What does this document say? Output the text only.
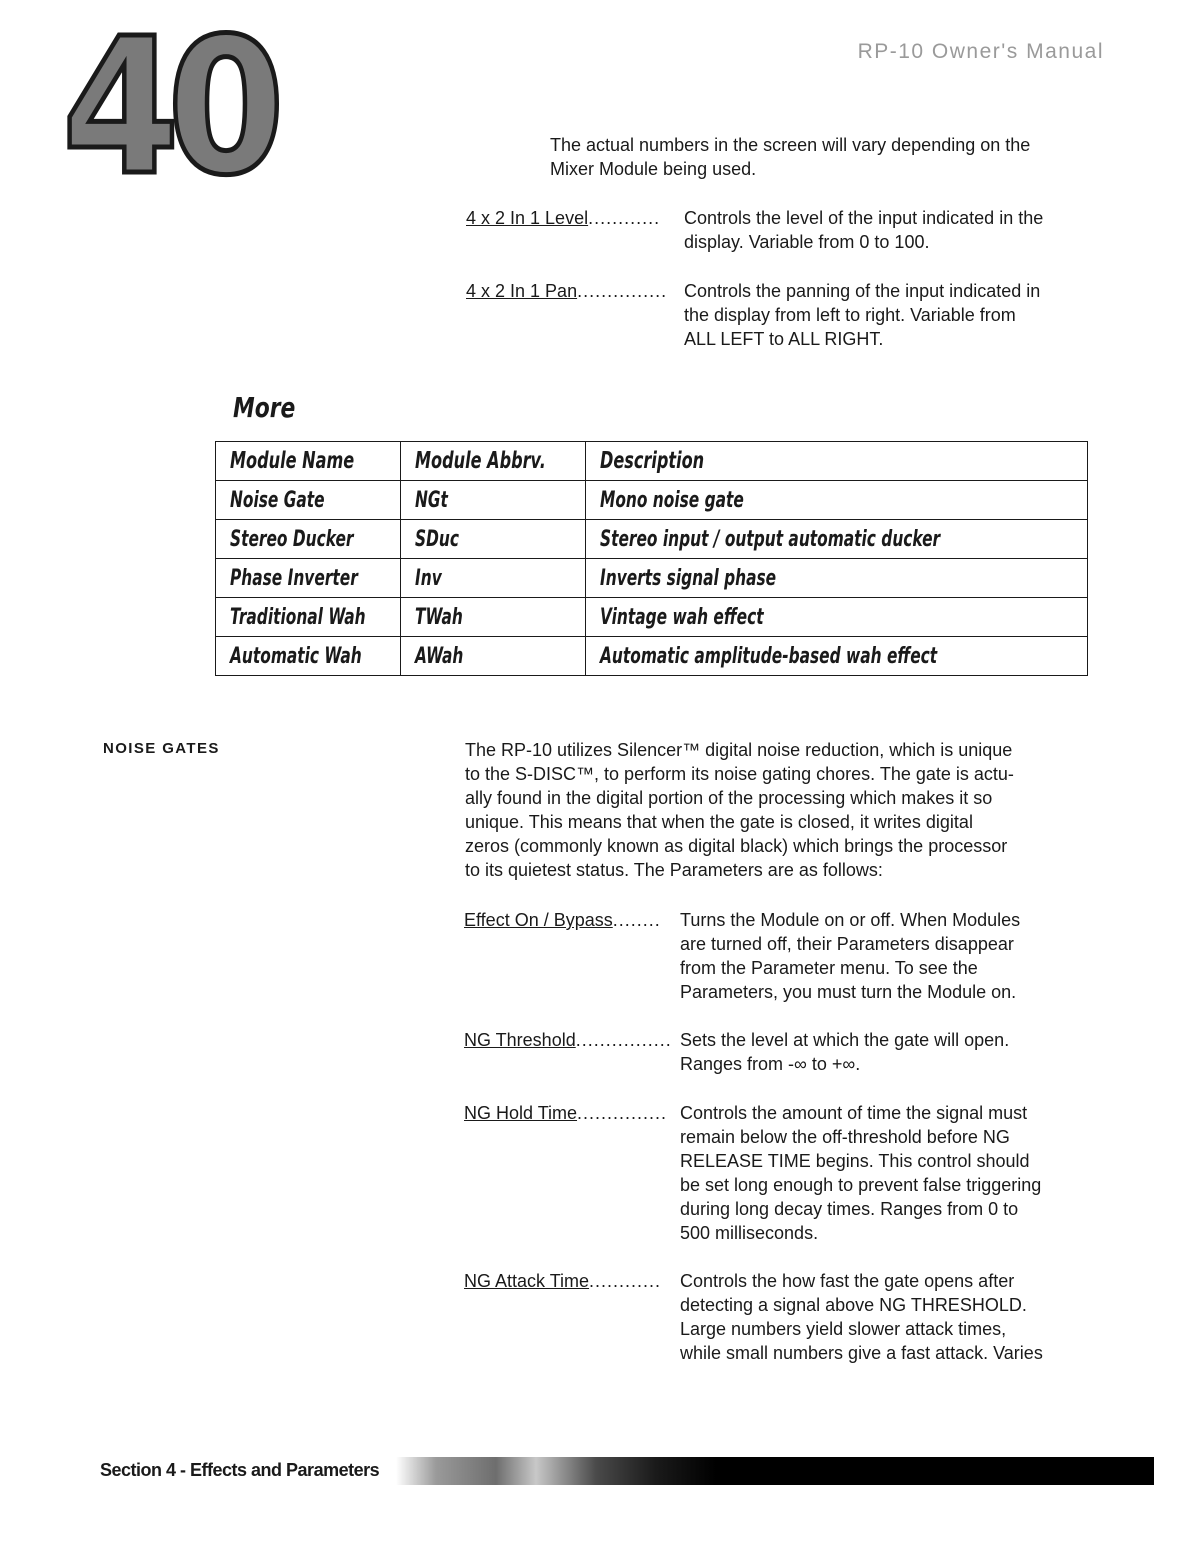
40	RP-10 Owner's Manual
The actual numbers in the screen will vary depending on the
Mixer Module being used.
4 x 2 In 1 Level............	Controls the level of the input indicated in the
display. Variable from 0 to 100.
4 x 2 In 1 Pan............... Controls the panning of the input indicated in
the display from left to right. Variable from
ALL LEFT to ALL RIGHT.
More
Module Name	Module Abbrv.	Description
Noise Gate	NGt	Mono noise gate
Stereo Ducker	SDuc	Stereo input / output automatic ducker
Phase Inverter	Inv	Inverts signal phase
Traditional Wah	TWah	Vintage wah effect
Automatic Wah	AWah	Automatic amplitude-based wah effect
NOISE GATES	The RP-10 utilizes Silencer™ digital noise reduction, which is unique
to the S-DISC™, to perform its noise gating chores. The gate is actu-
ally found in the digital portion of the processing which makes it so
unique. This means that when the gate is closed, it writes digital
zeros (commonly known as digital black) which brings the processor
to its quietest status. The Parameters are as follows:
Effect On / Bypass........	Turns the Module on or off. When Modules
are turned off, their Parameters disappear
from the Parameter menu. To see the
Parameters, you must turn the Module on.
NG Threshold................ Sets the level at which the gate will open.
Ranges from -∞ to +∞.
NG Hold Time............... Controls the amount of time the signal must
remain below the off-threshold before NG
RELEASE TIME begins. This control should
be set long enough to prevent false triggering
during long decay times. Ranges from 0 to
500 milliseconds.
NG Attack Time............	Controls the how fast the gate opens after
detecting a signal above NG THRESHOLD.
Large numbers yield slower attack times,
while small numbers give a fast attack. Varies
Section 4 - Effects and Parameters
